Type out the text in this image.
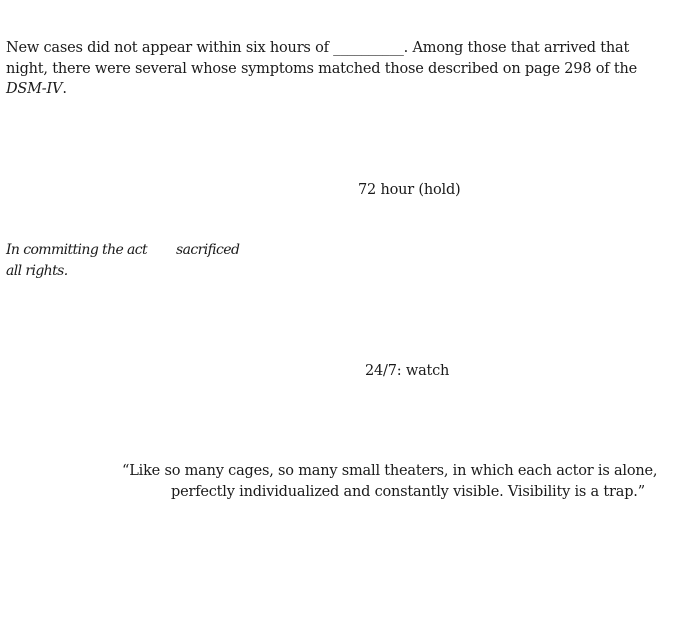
New cases did not appear within six hours of __________. Among those that arrived that
night, there were several whose symptoms matched those described on page 298 of the
DSM-IV.
72 hour (hold)
In committing the act sacrificed
all rights.
24/7: watch
“Like so many cages, so many small theaters, in which each actor is alone,
perfectly individualized and constantly visible. Visibility is a trap.”
